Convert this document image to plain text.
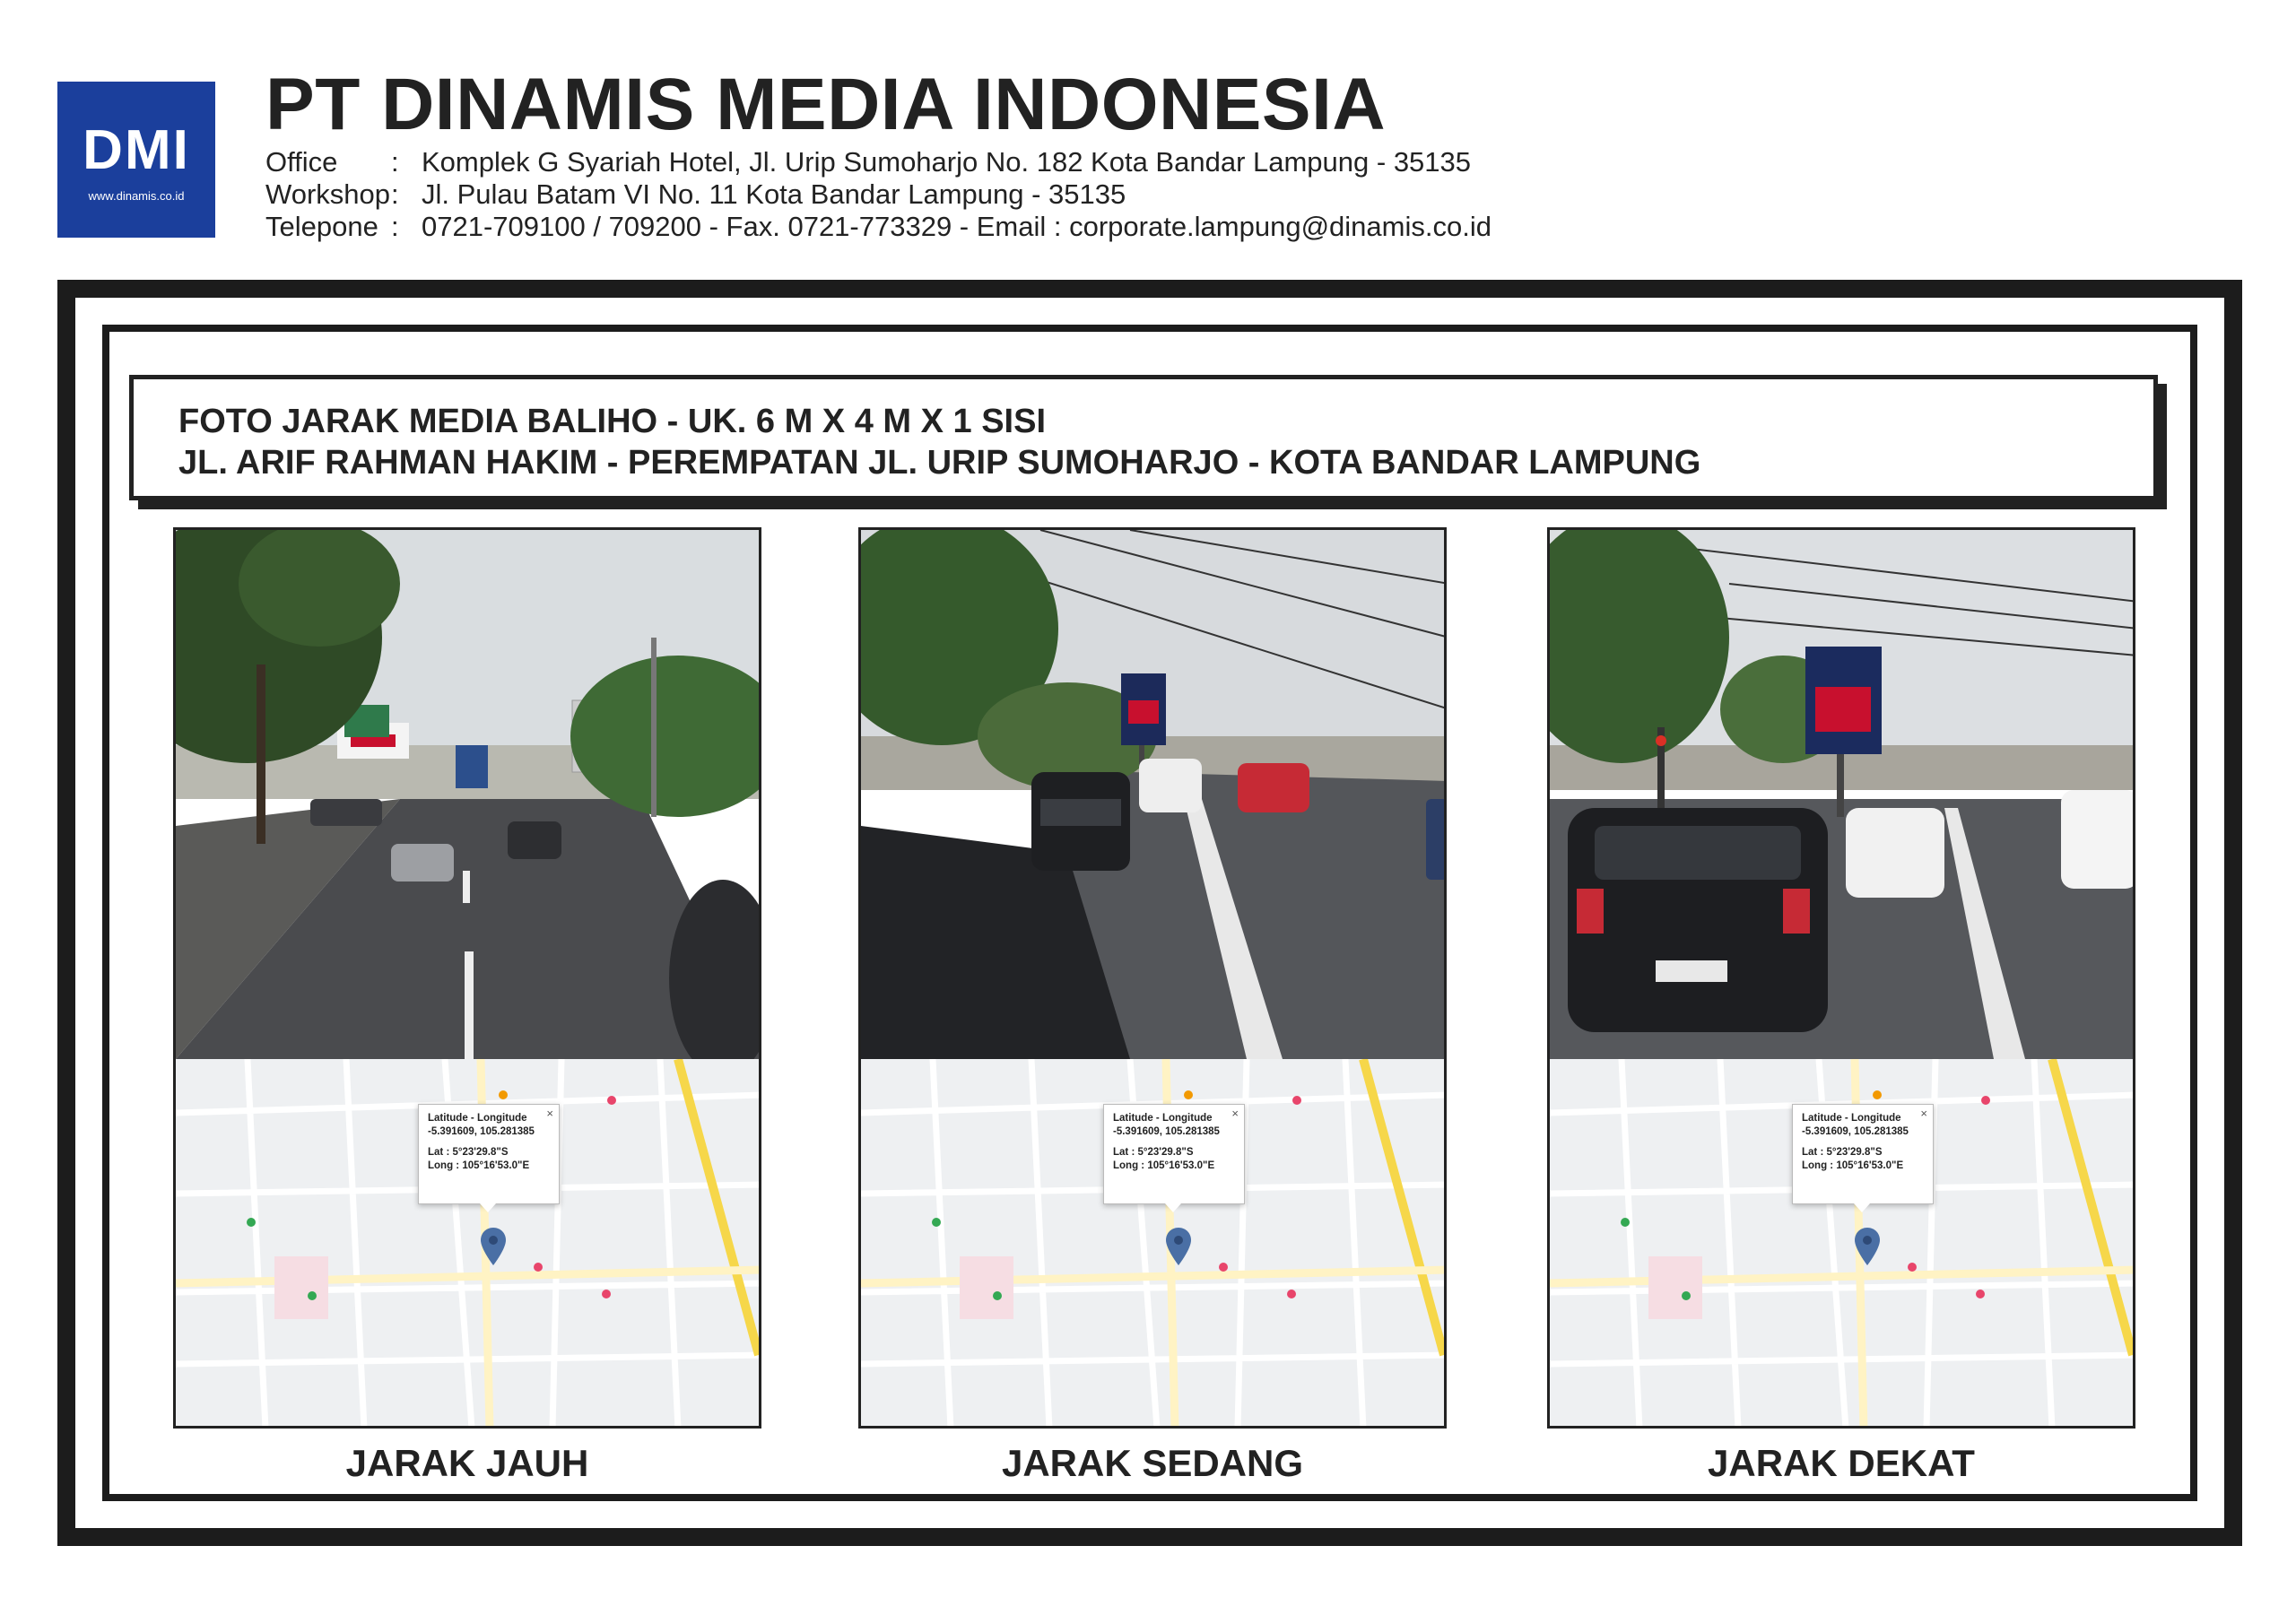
DMI
www.dinamis.co.id
PT DINAMIS MEDIA INDONESIA
Office : Komplek G Syariah Hotel, Jl. Urip Sumoharjo No. 182 Kota Bandar Lampung - 35135
Workshop: Jl. Pulau Batam VI No. 11 Kota Bandar Lampung - 35135
Telepone : 0721-709100 / 709200 - Fax. 0721-773329 - Email : corporate.lampung@dinamis.co.id
FOTO JARAK MEDIA BALIHO - UK. 6 M X 4 M X 1 SISI
JL. ARIF RAHMAN HAKIM - PEREMPATAN JL. URIP SUMOHARJO - KOTA BANDAR LAMPUNG
×
Latitude - Longitude
-5.391609, 105.281385
Lat : 5°23'29.8"S
Long : 105°16'53.0"E
JARAK JAUH
×
Latitude - Longitude
-5.391609, 105.281385
Lat : 5°23'29.8"S
Long : 105°16'53.0"E
JARAK SEDANG
×
Latitude - Longitude
-5.391609, 105.281385
Lat : 5°23'29.8"S
Long : 105°16'53.0"E
JARAK DEKAT
